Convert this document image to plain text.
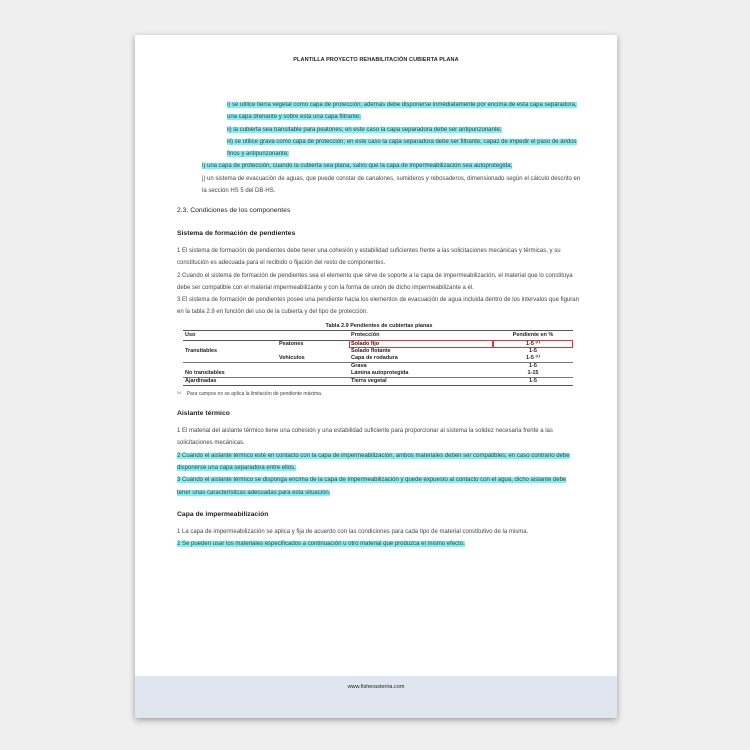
PLANTILLA PROYECTO REHABILITACIÓN CUBIERTA PLANA

i) se utilice tierra vegetal como capa de protección; además debe disponerse inmediatamente por encima de esta capa separadora, una capa drenante y sobre esta una capa filtrante;

ii) la cubierta sea transitable para peatones; en este caso la capa separadora debe ser antipunzonante;

iii) se utilice grava como capa de protección; en este caso la capa separadora debe ser filtrante, capaz de impedir el paso de áridos finos y antipunzonante;

i) una capa de protección, cuando la cubierta sea plana, salvo que la capa de impermeabilización sea autoprotegida;

j) un sistema de evacuación de aguas, que puede constar de canalones, sumideros y rebosaderos, dimensionado según el cálculo descrito en la sección HS 5 del DB-HS.

2.3. Condiciones de los componentes
Sistema de formación de pendientes

1 El sistema de formación de pendientes debe tener una cohesión y estabilidad suficientes frente a las solicitaciones mecánicas y térmicas, y su constitución es adecuada para el recibido o fijación del resto de componentes.

2 Cuando el sistema de formación de pendientes sea el elemento que sirve de soporte a la capa de impermeabilización, el material que lo constituya debe ser compatible con el material impermeabilizante y con la forma de unión de dicho impermeabilizante a él.

3 El sistema de formación de pendientes posee una pendiente hacia los elementos de evacuación de agua incluida dentro de los intervalos que figuran en la tabla 2.9 en función del uso de la cubierta y del tipo de protección.

Tabla 2.9 Pendientes de cubiertas planas
Uso		Protección	Pendiente en %
	Peatones	Solado fijo	1-5 ⁽¹⁾
Transitables		Solado flotante	1-5
	Vehículos	Capa de rodadura	1-5 ⁽¹⁾
		Grava	1-5
No transitables		Lámina autoprotegida	1-15
Ajardinadas		Tierra vegetal	1-5
⁽¹⁾ Para campos no se aplica la limitación de pendiente máxima.
Aislante térmico

1 El material del aislante térmico tiene una cohesión y una estabilidad suficiente para proporcionar al sistema la solidez necesaria frente a las solicitaciones mecánicas.

2 Cuando el aislante térmico esté en contacto con la capa de impermeabilización, ambos materiales deben ser compatibles; en caso contrario debe disponerse una capa separadora entre ellos.

3 Cuando el aislante térmico se disponga encima de la capa de impermeabilización y quede expuesto al contacto con el agua, dicho aislante debe tener unas características adecuadas para esta situación.

Capa de impermeabilización

1 La capa de impermeabilización se aplica y fija de acuerdo con las condiciones para cada tipo de material constitutivo de la misma.

2 Se pueden usar los materiales especificados a continuación u otro material que produzca el mismo efecto.

www.fisherasterria.com
